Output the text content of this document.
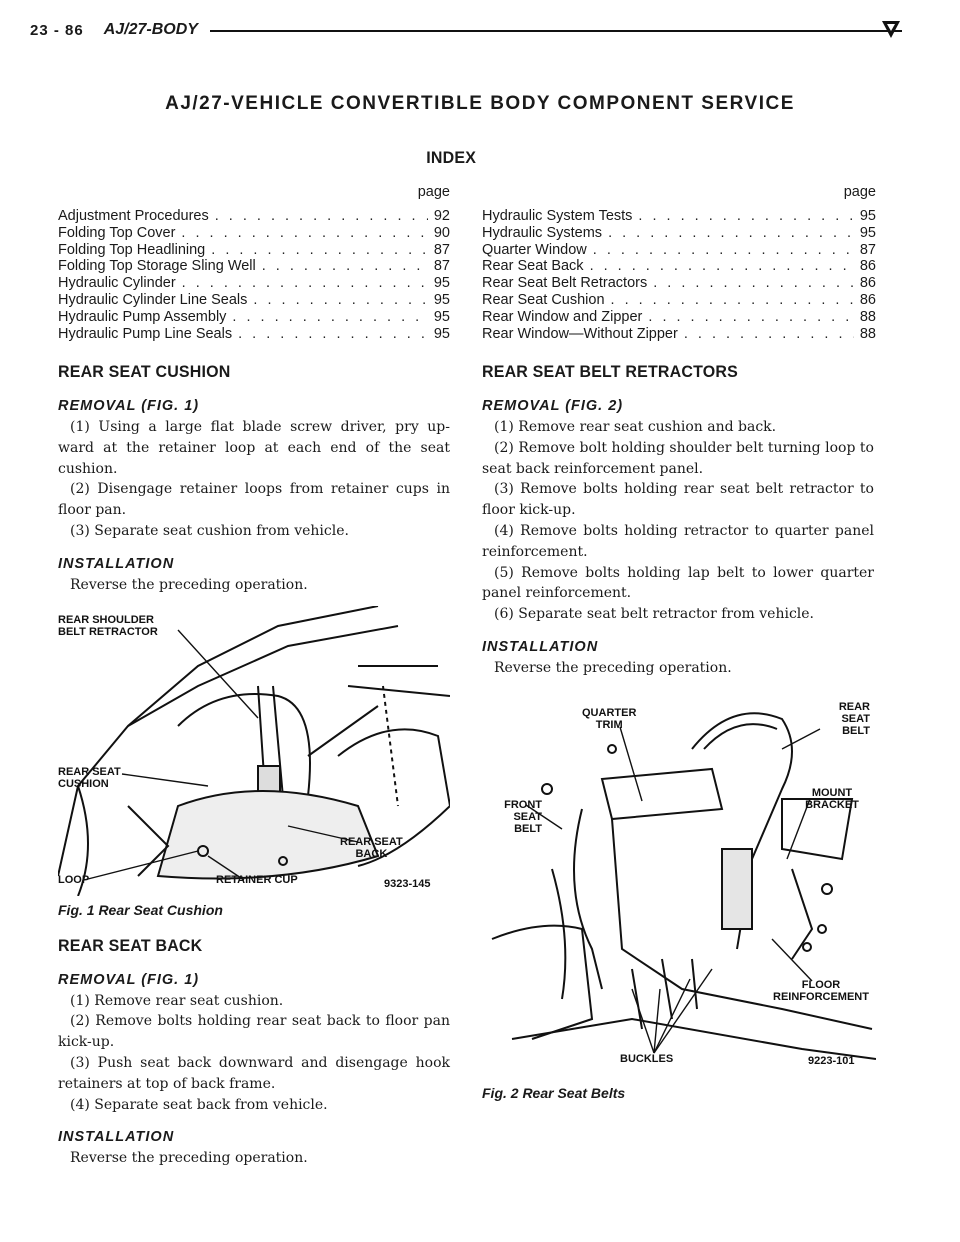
23 - 86 AJ/27-BODY
AJ/27-VEHICLE CONVERTIBLE BODY COMPONENT SERVICE
INDEX
page
Adjustment Procedures . . .	92
Folding Top Cover . . .	90
Folding Top Headlining . . .	87
Folding Top Storage Sling Well . . .	87
Hydraulic Cylinder . . .	95
Hydraulic Cylinder Line Seals . . .	95
Hydraulic Pump Assembly . . .	95
Hydraulic Pump Line Seals . . .	95
page
Hydraulic System Tests . . .	95
Hydraulic Systems . . .	95
Quarter Window . . .	87
Rear Seat Back . . .	86
Rear Seat Belt Retractors . . .	86
Rear Seat Cushion . . .	86
Rear Window and Zipper . . .	88
Rear Window—Without Zipper . . .	88
REAR SEAT CUSHION
REMOVAL (FIG. 1)

(1) Using a large flat blade screw driver, pry up- ward at the retainer loop at each end of the seat cushion.

(2) Disengage retainer loops from retainer cups in floor pan.

(3) Separate seat cushion from vehicle.

INSTALLATION

Reverse the preceding operation.

REAR SHOULDER
BELT RETRACTOR
REAR SEAT
CUSHION
REAR SEAT
BACK
LOOP	RETAINER CUP	9323-145
Fig. 1 Rear Seat Cushion
REAR SEAT BACK
REMOVAL (FIG. 1)

(1) Remove rear seat cushion.

(2) Remove bolts holding rear seat back to floor pan kick-up.

(3) Push seat back downward and disengage hook retainers at top of back frame.

(4) Separate seat back from vehicle.

INSTALLATION

Reverse the preceding operation.

REAR SEAT BELT RETRACTORS
REMOVAL (FIG. 2)

(1) Remove rear seat cushion and back.

(2) Remove bolt holding shoulder belt turning loop to seat back reinforcement panel.

(3) Remove bolts holding rear seat belt retractor to floor kick-up.

(4) Remove bolts holding retractor to quarter panel reinforcement.

(5) Remove bolts holding lap belt to lower quarter panel reinforcement.

(6) Separate seat belt retractor from vehicle.

INSTALLATION

Reverse the preceding operation.

QUARTER
TRIM
REAR
SEAT
BELT
FRONT
SEAT
BELT
MOUNT
BRACKET
FLOOR
REINFORCEMENT
BUCKLES	9223-101
Fig. 2 Rear Seat Belts
